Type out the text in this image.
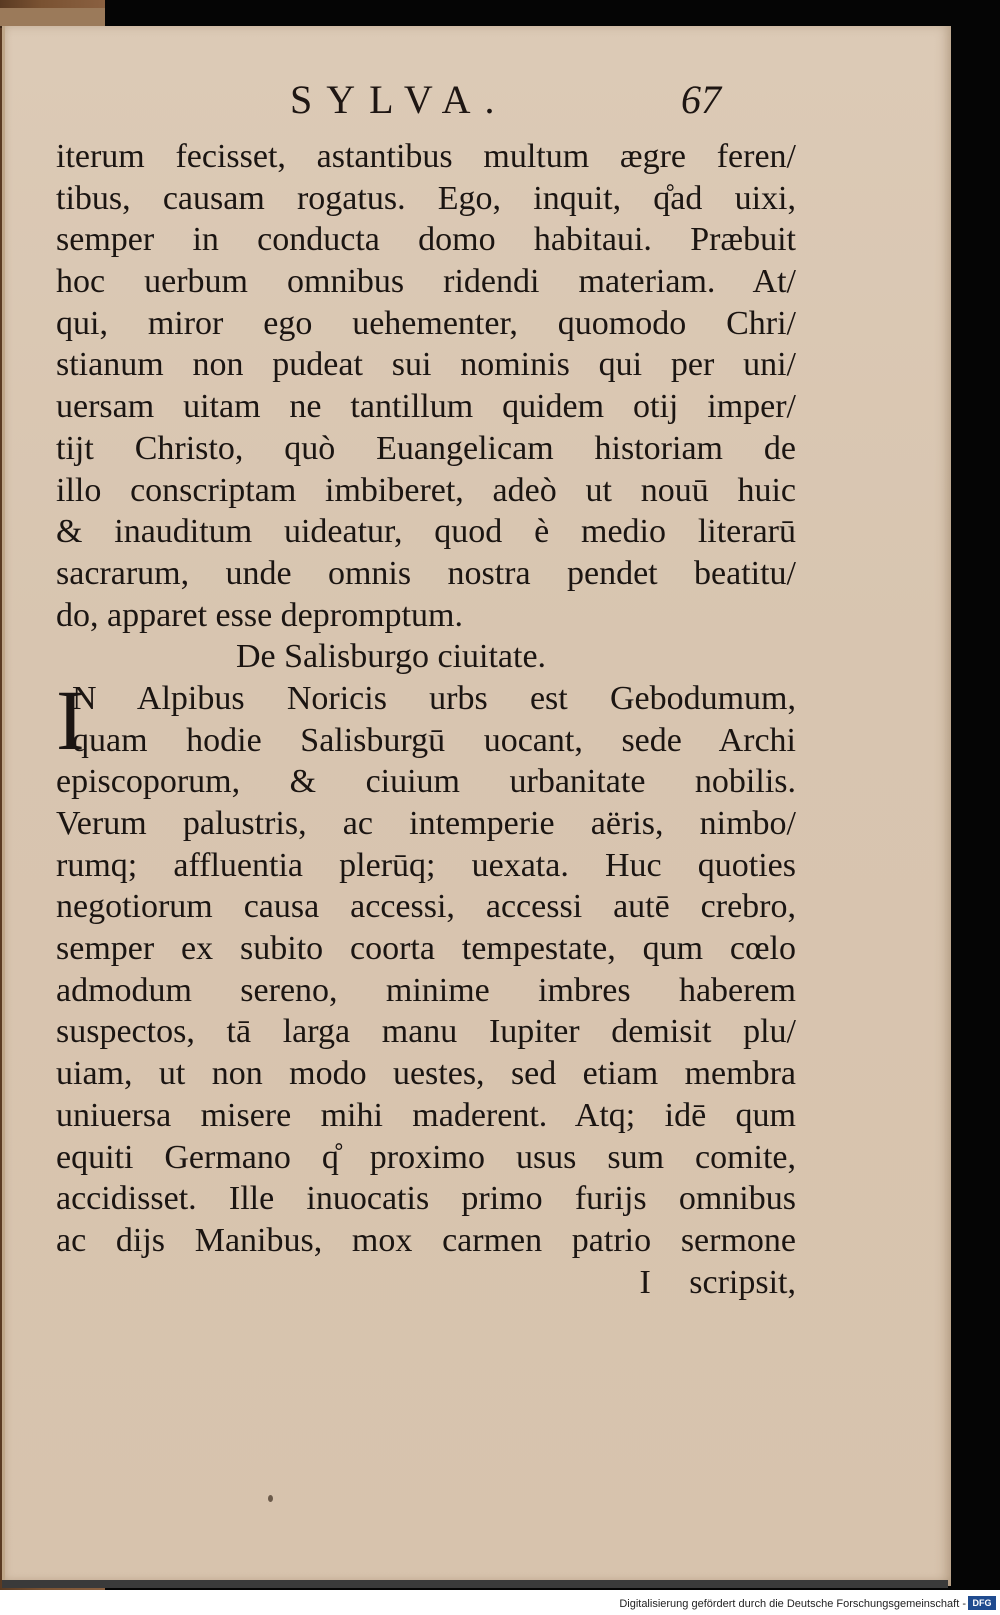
SYLVA.	67
iterum fecisset, astantibus multum ægre feren/
tibus, causam rogatus. Ego, inquit, q̊ad uixi,
semper in conducta domo habitaui. Præbuit
hoc uerbum omnibus ridendi materiam. At/
qui, miror ego uehementer, quomodo Chri/
stianum non pudeat sui nominis qui per uni/
uersam uitam ne tantillum quidem otij imper/
tijt Christo, quò Euangelicam historiam de
illo conscriptam imbiberet, adeò ut nouū huic
& inauditum uideatur, quod è medio literarū
sacrarum, unde omnis nostra pendet beatitu/
do, apparet esse depromptum.
De Salisburgo ciuitate.
I
N Alpibus Noricis urbs est Gebodumum,
quam hodie Salisburgū uocant, sede Archi
episcoporum, & ciuium urbanitate nobilis.
Verum palustris, ac intemperie aëris, nimbo/
rumq; affluentia plerūq; uexata. Huc quoties
negotiorum causa accessi, accessi autē crebro,
semper ex subito coorta tempestate, qum cœlo
admodum sereno, minime imbres haberem
suspectos, tā larga manu Iupiter demisit plu/
uiam, ut non modo uestes, sed etiam membra
uniuersa misere mihi maderent. Atq; idē qum
equiti Germano q̊ proximo usus sum comite,
accidisset. Ille inuocatis primo furijs omnibus
ac dijs Manibus, mox carmen patrio sermone
I scripsit,
Digitalisierung gefördert durch die Deutsche Forschungsgemeinschaft - DFG
